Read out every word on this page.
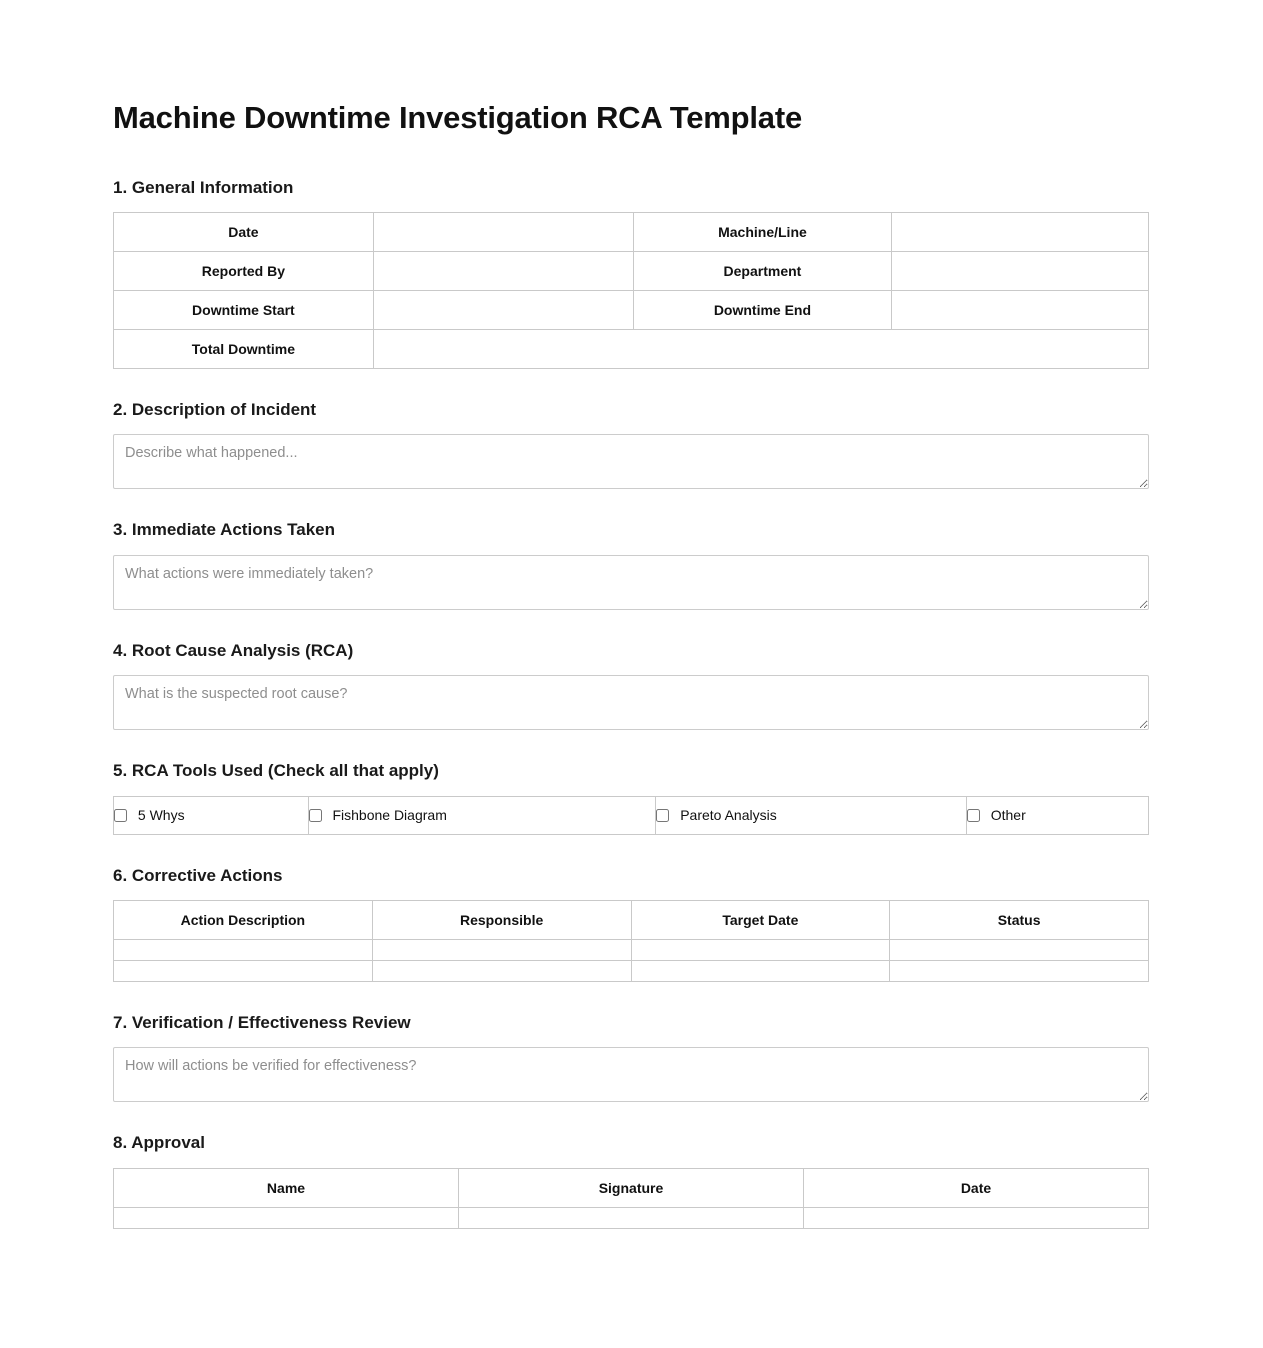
Machine Downtime Investigation RCA Template
1. General Information
Date		Machine/Line	
Reported By		Department	
Downtime Start		Downtime End	
Total Downtime			
2. Description of Incident
Describe what happened...
3. Immediate Actions Taken
What actions were immediately taken?
4. Root Cause Analysis (RCA)
What is the suspected root cause?
5. RCA Tools Used (Check all that apply)
5 Whys	Fishbone Diagram	Pareto Analysis	Other
6. Corrective Actions
Action Description	Responsible	Target Date	Status

7. Verification / Effectiveness Review
How will actions be verified for effectiveness?
8. Approval
Name	Signature	Date
